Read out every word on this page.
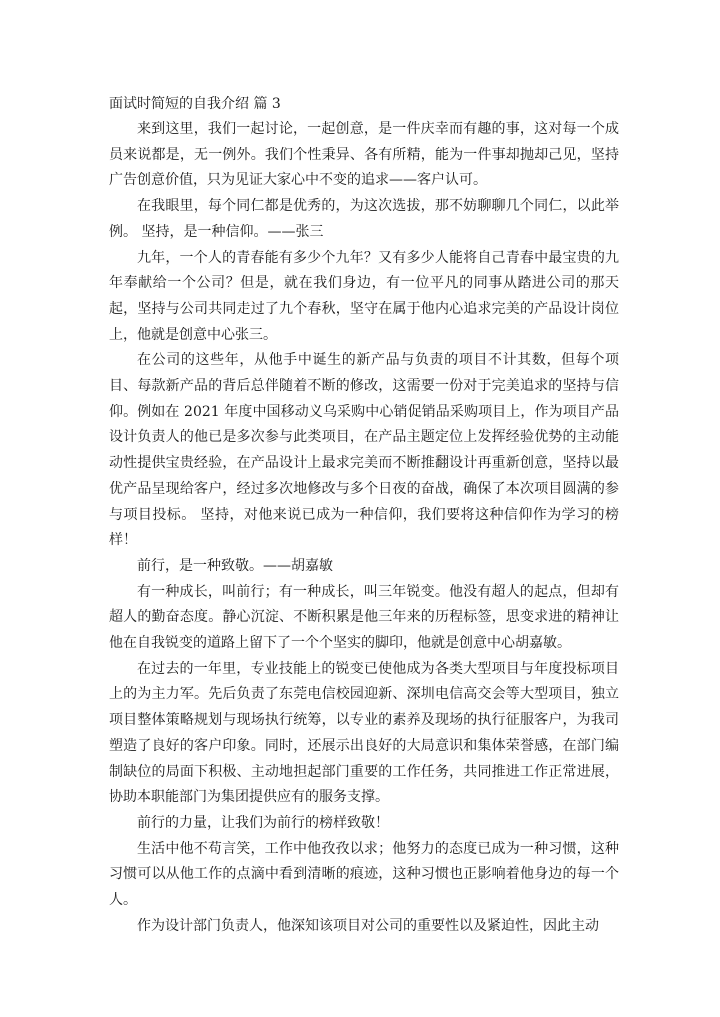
面试时简短的自我介绍 篇 3

来到这里，我们一起讨论，一起创意，是一件庆幸而有趣的事，这对每一个成员来说都是，无一例外。我们个性秉异、各有所精，能为一件事却抛却己见，坚持广告创意价值，只为见证大家心中不变的追求——客户认可。

在我眼里，每个同仁都是优秀的，为这次选拔，那不妨聊聊几个同仁，以此举例。 坚持，是一种信仰。——张三

九年，一个人的青春能有多少个九年？又有多少人能将自己青春中最宝贵的九年奉献给一个公司？但是，就在我们身边，有一位平凡的同事从踏进公司的那天起，坚持与公司共同走过了九个春秋，坚守在属于他内心追求完美的产品设计岗位上，他就是创意中心张三。

在公司的这些年，从他手中诞生的新产品与负责的项目不计其数，但每个项目、每款新产品的背后总伴随着不断的修改，这需要一份对于完美追求的坚持与信仰。例如在 2021 年度中国移动义乌采购中心销促销品采购项目上，作为项目产品设计负责人的他已是多次参与此类项目，在产品主题定位上发挥经验优势的主动能动性提供宝贵经验，在产品设计上最求完美而不断推翻设计再重新创意，坚持以最优产品呈现给客户，经过多次地修改与多个日夜的奋战，确保了本次项目圆满的参与项目投标。 坚持，对他来说已成为一种信仰，我们要将这种信仰作为学习的榜样！

前行，是一种致敬。——胡嘉敏

有一种成长，叫前行；有一种成长，叫三年锐变。他没有超人的起点，但却有超人的勤奋态度。静心沉淀、不断积累是他三年来的历程标签，思变求进的精神让他在自我锐变的道路上留下了一个个坚实的脚印，他就是创意中心胡嘉敏。

在过去的一年里，专业技能上的锐变已使他成为各类大型项目与年度投标项目上的为主力军。先后负责了东莞电信校园迎新、深圳电信高交会等大型项目，独立项目整体策略规划与现场执行统筹，以专业的素养及现场的执行征服客户，为我司塑造了良好的客户印象。同时，还展示出良好的大局意识和集体荣誉感，在部门编制缺位的局面下积极、主动地担起部门重要的工作任务，共同推进工作正常进展，协助本职能部门为集团提供应有的服务支撑。

前行的力量，让我们为前行的榜样致敬！

生活中他不苟言笑，工作中他孜孜以求；他努力的态度已成为一种习惯，这种习惯可以从他工作的点滴中看到清晰的痕迹，这种习惯也正影响着他身边的每一个人。

作为设计部门负责人，他深知该项目对公司的重要性以及紧迫性，因此主动
